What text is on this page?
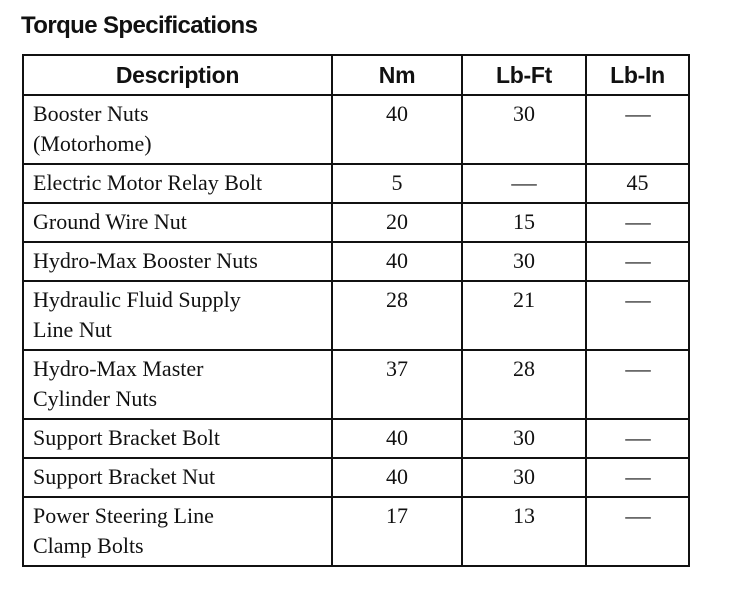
Torque Specifications
Description	Nm	Lb-Ft	Lb-In

Booster Nuts
(Motorhome)	40	30	—

Electric Motor Relay Bolt	5	—	45

Ground Wire Nut	20	15	—

Hydro-Max Booster Nuts	40	30	—

Hydraulic Fluid Supply
Line Nut	28	21	—

Hydro-Max Master
Cylinder Nuts	37	28	—

Support Bracket Bolt	40	30	—

Support Bracket Nut	40	30	—

Power Steering Line
Clamp Bolts	17	13	—
